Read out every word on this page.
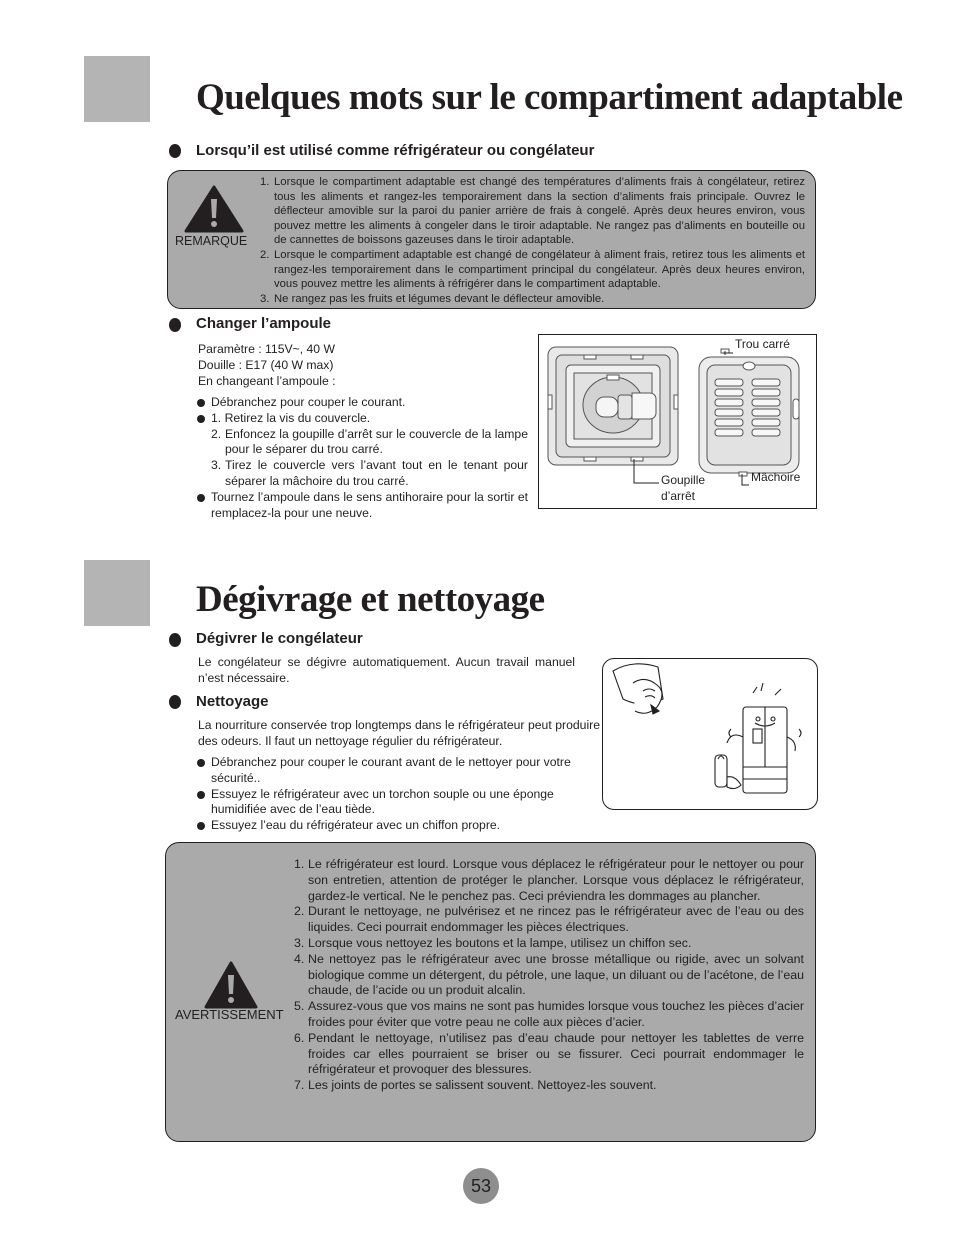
Quelques mots sur le compartiment adaptable
Lorsqu’il est utilisé comme réfrigérateur ou congélateur
REMARQUE
1. Lorsque le compartiment adaptable est changé des températures d’aliments frais à congélateur, retirez tous les aliments et rangez-les temporairement dans la section d’aliments frais principale. Ouvrez le déflecteur amovible sur la paroi du panier arrière de frais à congelé. Après deux heures environ, vous pouvez mettre les aliments à congeler dans le tiroir adaptable. Ne rangez pas d’aliments en bouteille ou de cannettes de boissons gazeuses dans le tiroir adaptable.
2. Lorsque le compartiment adaptable est changé de congélateur à aliment frais, retirez tous les aliments et rangez-les temporairement dans le compartiment principal du congélateur. Après deux heures environ, vous pouvez mettre les aliments à réfrigérer dans le compartiment adaptable.
3. Ne rangez pas les fruits et légumes devant le déflecteur amovible.
Changer l’ampoule
Paramètre : 115V~, 40 W
Douille : E17 (40 W max)
En changeant l’ampoule :
Débranchez pour couper le courant.
1. Retirez la vis du couvercle.
2. Enfoncez la goupille d’arrêt sur le couvercle de la lampe pour le séparer du trou carré.
3. Tirez le couvercle vers l’avant tout en le tenant pour séparer la mâchoire du trou carré.
Tournez l’ampoule dans le sens antihoraire pour la sortir et remplacez-la pour une neuve.
Trou carré
Goupille
d’arrêt
Mâchoire
Dégivrage et nettoyage
Dégivrer le congélateur
Le congélateur se dégivre automatiquement. Aucun travail manuel n’est nécessaire.
Nettoyage
La nourriture conservée trop longtemps dans le réfrigérateur peut produire des odeurs. Il faut un nettoyage régulier du réfrigérateur.
Débranchez pour couper le courant avant de le nettoyer pour votre sécurité..
Essuyez le réfrigérateur avec un torchon souple ou une éponge humidifiée avec de l’eau tiède.
Essuyez l’eau du réfrigérateur avec un chiffon propre.
AVERTISSEMENT
1. Le réfrigérateur est lourd. Lorsque vous déplacez le réfrigérateur pour le nettoyer ou pour son entretien, attention de protéger le plancher. Lorsque vous déplacez le réfrigérateur, gardez-le vertical. Ne le penchez pas. Ceci préviendra les dommages au plancher.
2. Durant le nettoyage, ne pulvérisez et ne rincez pas le réfrigérateur avec de l’eau ou des liquides. Ceci pourrait endommager les pièces électriques.
3. Lorsque vous nettoyez les boutons et la lampe, utilisez un chiffon sec.
4. Ne nettoyez pas le réfrigérateur avec une brosse métallique ou rigide, avec un solvant biologique comme un détergent, du pétrole, une laque, un diluant ou de l’acétone, de l’eau chaude, de l’acide ou un produit alcalin.
5. Assurez-vous que vos mains ne sont pas humides lorsque vous touchez les pièces d’acier froides pour éviter que votre peau ne colle aux pièces d’acier.
6. Pendant le nettoyage, n’utilisez pas d’eau chaude pour nettoyer les tablettes de verre froides car elles pourraient se briser ou se fissurer. Ceci pourrait endommager le réfrigérateur et provoquer des blessures.
7. Les joints de portes se salissent souvent. Nettoyez-les souvent.
53
